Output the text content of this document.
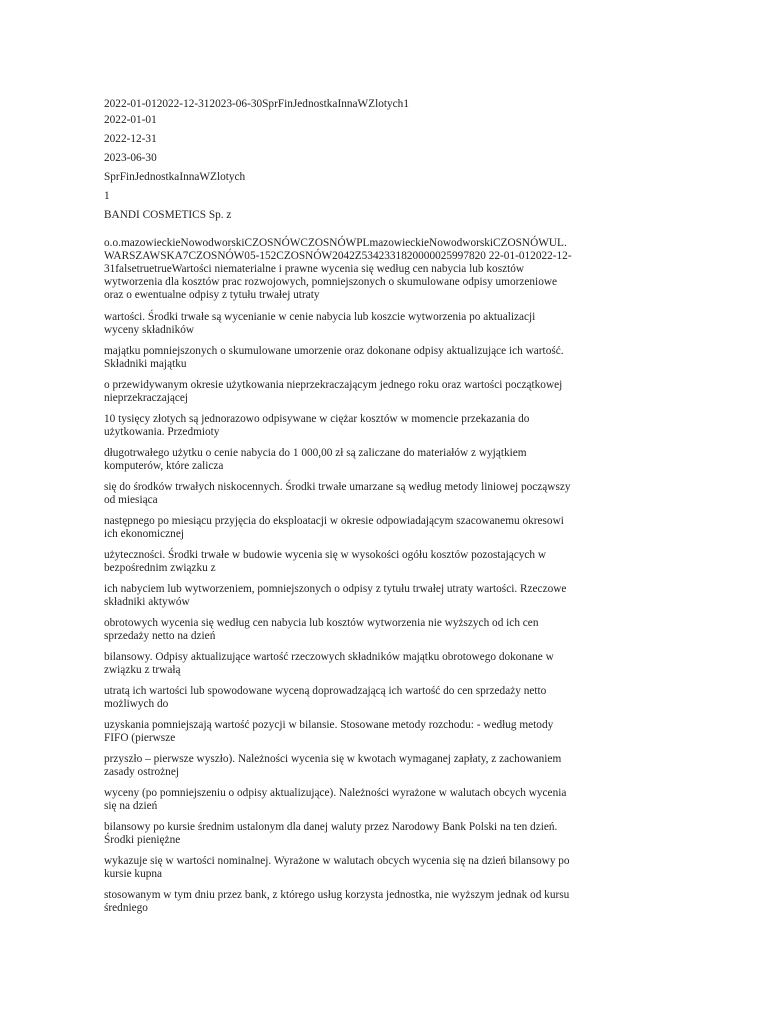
2022-01-012022-12-312023-06-30SprFinJednostkaInnaWZlotych1
2022-01-01
2022-12-31
2023-06-30
SprFinJednostkaInnaWZlotych
1
BANDI COSMETICS Sp. z
o.o.mazowieckieNowodworskiCZOSNÓWCZOSNÓWPLmazowieckieNowodworskiCZOSNÓWUL.
WARSZAWSKA7CZOSNÓW05-152CZOSNÓW2042Z5342331820000025997820 22-01-012022-12-
31falsetruetrueWartości niematerialne i prawne wycenia się według cen nabycia lub kosztów
wytworzenia dla kosztów prac rozwojowych, pomniejszonych o skumulowane odpisy umorzeniowe
oraz o ewentualne odpisy z tytułu trwałej utraty
wartości. Środki trwałe są wycenianie w cenie nabycia lub koszcie wytworzenia po aktualizacji
wyceny składników
majątku pomniejszonych o skumulowane umorzenie oraz dokonane odpisy aktualizujące ich wartość.
Składniki majątku
o przewidywanym okresie użytkowania nieprzekraczającym jednego roku oraz wartości początkowej
nieprzekraczającej
10 tysięcy złotych są jednorazowo odpisywane w ciężar kosztów w momencie przekazania do
użytkowania. Przedmioty
długotrwałego użytku o cenie nabycia do 1 000,00 zł są zaliczane do materiałów z wyjątkiem
komputerów, które zalicza
się do środków trwałych niskocennych. Środki trwałe umarzane są według metody liniowej począwszy
od miesiąca
następnego po miesiącu przyjęcia do eksploatacji w okresie odpowiadającym szacowanemu okresowi
ich ekonomicznej
użyteczności. Środki trwałe w budowie wycenia się w wysokości ogółu kosztów pozostających w
bezpośrednim związku z
ich nabyciem lub wytworzeniem, pomniejszonych o odpisy z tytułu trwałej utraty wartości. Rzeczowe
składniki aktywów
obrotowych wycenia się według cen nabycia lub kosztów wytworzenia nie wyższych od ich cen
sprzedaży netto na dzień
bilansowy. Odpisy aktualizujące wartość rzeczowych składników majątku obrotowego dokonane w
związku z trwałą
utratą ich wartości lub spowodowane wyceną doprowadzającą ich wartość do cen sprzedaży netto
możliwych do
uzyskania pomniejszają wartość pozycji w bilansie. Stosowane metody rozchodu: - według metody
FIFO (pierwsze
przyszło – pierwsze wyszło). Należności wycenia się w kwotach wymaganej zapłaty, z zachowaniem
zasady ostrożnej
wyceny (po pomniejszeniu o odpisy aktualizujące). Należności wyrażone w walutach obcych wycenia
się na dzień
bilansowy po kursie średnim ustalonym dla danej waluty przez Narodowy Bank Polski na ten dzień.
Środki pieniężne
wykazuje się w wartości nominalnej. Wyrażone w walutach obcych wycenia się na dzień bilansowy po
kursie kupna
stosowanym w tym dniu przez bank, z którego usług korzysta jednostka, nie wyższym jednak od kursu
średniego
